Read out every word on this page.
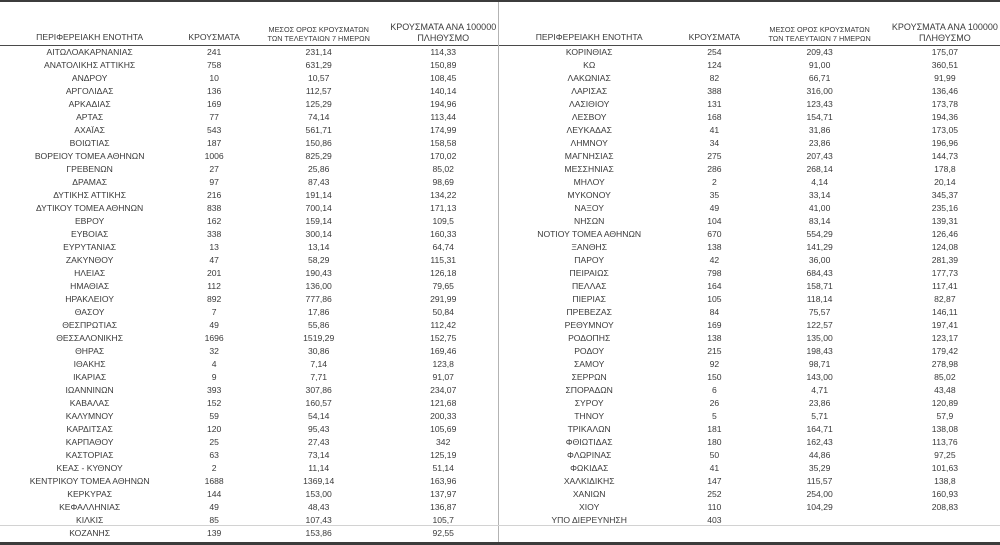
ΠΕΡΙΦΕΡΕΙΑΚΗ ΕΝΟΤΗΤΑ	ΚΡΟΥΣΜΑΤΑ	ΜΕΣΟΣ ΟΡΟΣ ΚΡΟΥΣΜΑΤΩΝ
ΤΩΝ ΤΕΛΕΥΤΑΙΩΝ 7 ΗΜΕΡΩΝ	ΚΡΟΥΣΜΑΤΑ ΑΝΑ 100000
ΠΛΗΘΥΣΜΟ

ΑΙΤΩΛΟΑΚΑΡΝΑΝΙΑΣ	241	231,14	114,33
ΑΝΑΤΟΛΙΚΗΣ ΑΤΤΙΚΗΣ	758	631,29	150,89
ΑΝΔΡΟΥ	10	10,57	108,45
ΑΡΓΟΛΙΔΑΣ	136	112,57	140,14
ΑΡΚΑΔΙΑΣ	169	125,29	194,96
ΑΡΤΑΣ	77	74,14	113,44
ΑΧΑΪΑΣ	543	561,71	174,99
ΒΟΙΩΤΙΑΣ	187	150,86	158,58
ΒΟΡΕΙΟΥ ΤΟΜΕΑ ΑΘΗΝΩΝ	1006	825,29	170,02
ΓΡΕΒΕΝΩΝ	27	25,86	85,02
ΔΡΑΜΑΣ	97	87,43	98,69
ΔΥΤΙΚΗΣ ΑΤΤΙΚΗΣ	216	191,14	134,22
ΔΥΤΙΚΟΥ ΤΟΜΕΑ ΑΘΗΝΩΝ	838	700,14	171,13
ΕΒΡΟΥ	162	159,14	109,5
ΕΥΒΟΙΑΣ	338	300,14	160,33
ΕΥΡΥΤΑΝΙΑΣ	13	13,14	64,74
ΖΑΚΥΝΘΟΥ	47	58,29	115,31
ΗΛΕΙΑΣ	201	190,43	126,18
ΗΜΑΘΙΑΣ	112	136,00	79,65
ΗΡΑΚΛΕΙΟΥ	892	777,86	291,99
ΘΑΣΟΥ	7	17,86	50,84
ΘΕΣΠΡΩΤΙΑΣ	49	55,86	112,42
ΘΕΣΣΑΛΟΝΙΚΗΣ	1696	1519,29	152,75
ΘΗΡΑΣ	32	30,86	169,46
ΙΘΑΚΗΣ	4	7,14	123,8
ΙΚΑΡΙΑΣ	9	7,71	91,07
ΙΩΑΝΝΙΝΩΝ	393	307,86	234,07
ΚΑΒΑΛΑΣ	152	160,57	121,68
ΚΑΛΥΜΝΟΥ	59	54,14	200,33
ΚΑΡΔΙΤΣΑΣ	120	95,43	105,69
ΚΑΡΠΑΘΟΥ	25	27,43	342
ΚΑΣΤΟΡΙΑΣ	63	73,14	125,19
ΚΕΑΣ - ΚΥΘΝΟΥ	2	11,14	51,14
ΚΕΝΤΡΙΚΟΥ ΤΟΜΕΑ ΑΘΗΝΩΝ	1688	1369,14	163,96
ΚΕΡΚΥΡΑΣ	144	153,00	137,97
ΚΕΦΑΛΛΗΝΙΑΣ	49	48,43	136,87
ΚΙΛΚΙΣ	85	107,43	105,7
ΚΟΖΑΝΗΣ	139	153,86	92,55
ΠΕΡΙΦΕΡΕΙΑΚΗ ΕΝΟΤΗΤΑ	ΚΡΟΥΣΜΑΤΑ	ΜΕΣΟΣ ΟΡΟΣ ΚΡΟΥΣΜΑΤΩΝ
ΤΩΝ ΤΕΛΕΥΤΑΙΩΝ 7 ΗΜΕΡΩΝ	ΚΡΟΥΣΜΑΤΑ ΑΝΑ 100000
ΠΛΗΘΥΣΜΟ

ΚΟΡΙΝΘΙΑΣ	254	209,43	175,07
ΚΩ	124	91,00	360,51
ΛΑΚΩΝΙΑΣ	82	66,71	91,99
ΛΑΡΙΣΑΣ	388	316,00	136,46
ΛΑΣΙΘΙΟΥ	131	123,43	173,78
ΛΕΣΒΟΥ	168	154,71	194,36
ΛΕΥΚΑΔΑΣ	41	31,86	173,05
ΛΗΜΝΟΥ	34	23,86	196,96
ΜΑΓΝΗΣΙΑΣ	275	207,43	144,73
ΜΕΣΣΗΝΙΑΣ	286	268,14	178,8
ΜΗΛΟΥ	2	4,14	20,14
ΜΥΚΟΝΟΥ	35	33,14	345,37
ΝΑΞΟΥ	49	41,00	235,16
ΝΗΣΩΝ	104	83,14	139,31
ΝΟΤΙΟΥ ΤΟΜΕΑ ΑΘΗΝΩΝ	670	554,29	126,46
ΞΑΝΘΗΣ	138	141,29	124,08
ΠΑΡΟΥ	42	36,00	281,39
ΠΕΙΡΑΙΩΣ	798	684,43	177,73
ΠΕΛΛΑΣ	164	158,71	117,41
ΠΙΕΡΙΑΣ	105	118,14	82,87
ΠΡΕΒΕΖΑΣ	84	75,57	146,11
ΡΕΘΥΜΝΟΥ	169	122,57	197,41
ΡΟΔΟΠΗΣ	138	135,00	123,17
ΡΟΔΟΥ	215	198,43	179,42
ΣΑΜΟΥ	92	98,71	278,98
ΣΕΡΡΩΝ	150	143,00	85,02
ΣΠΟΡΑΔΩΝ	6	4,71	43,48
ΣΥΡΟΥ	26	23,86	120,89
ΤΗΝΟΥ	5	5,71	57,9
ΤΡΙΚΑΛΩΝ	181	164,71	138,08
ΦΘΙΩΤΙΔΑΣ	180	162,43	113,76
ΦΛΩΡΙΝΑΣ	50	44,86	97,25
ΦΩΚΙΔΑΣ	41	35,29	101,63
ΧΑΛΚΙΔΙΚΗΣ	147	115,57	138,8
ΧΑΝΙΩΝ	252	254,00	160,93
ΧΙΟΥ	110	104,29	208,83
ΥΠΟ ΔΙΕΡΕΥΝΗΣΗ	403		
